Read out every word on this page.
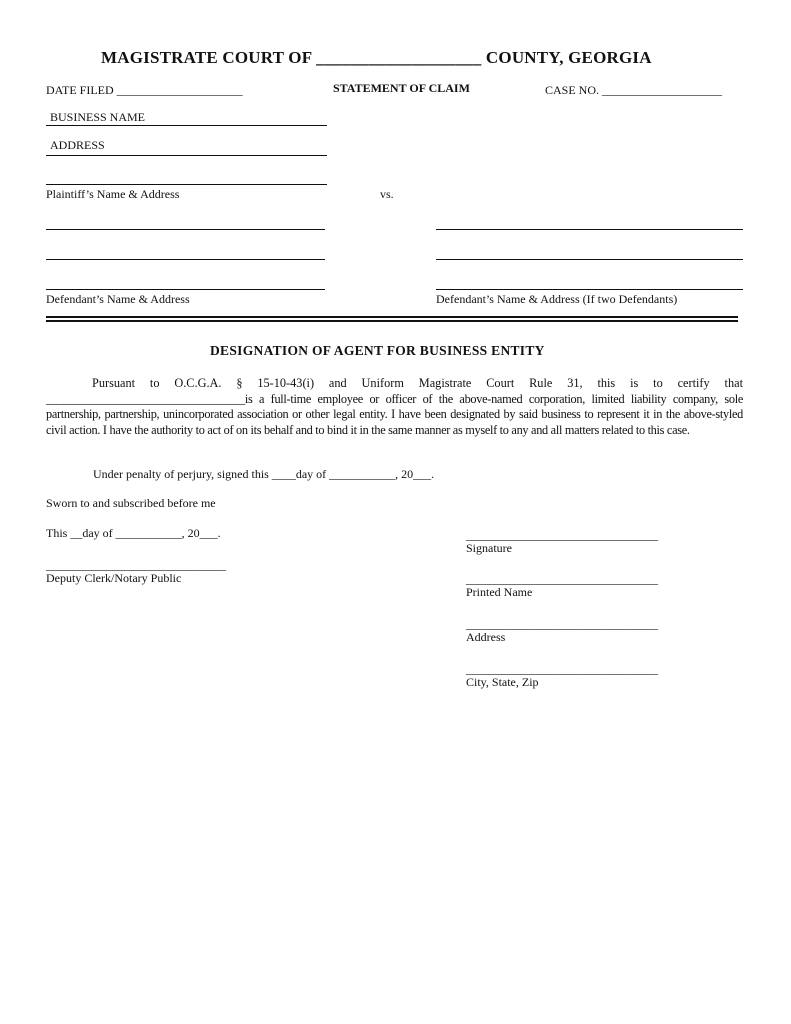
MAGISTRATE COURT OF ___________________ COUNTY, GEORGIA
DATE FILED _____________________	STATEMENT OF CLAIM	CASE NO. ____________________
BUSINESS NAME
ADDRESS
Plaintiff’s Name & Address	vs.
Defendant’s Name & Address	Defendant’s Name & Address (If two Defendants)
DESIGNATION OF AGENT FOR BUSINESS ENTITY
Pursuant to O.C.G.A. § 15-10-43(i) and Uniform Magistrate Court Rule 31, this is to certify that
__________________________________is a full-time employee or officer of the above-named corporation, limited liability company, sole partnership, partnership, unincorporated association or other legal entity. I have been designated by said business to represent it in the above-styled civil action. I have the authority to act of on its behalf and to bind it in the same manner as myself to any and all matters related to this case.
Under penalty of perjury, signed this ____day of ___________, 20___.
Sworn to and subscribed before me
This __day of ___________, 20___.
______________________________
Deputy Clerk/Notary Public
________________________________
Signature
________________________________
Printed Name
________________________________
Address
________________________________
City, State, Zip
